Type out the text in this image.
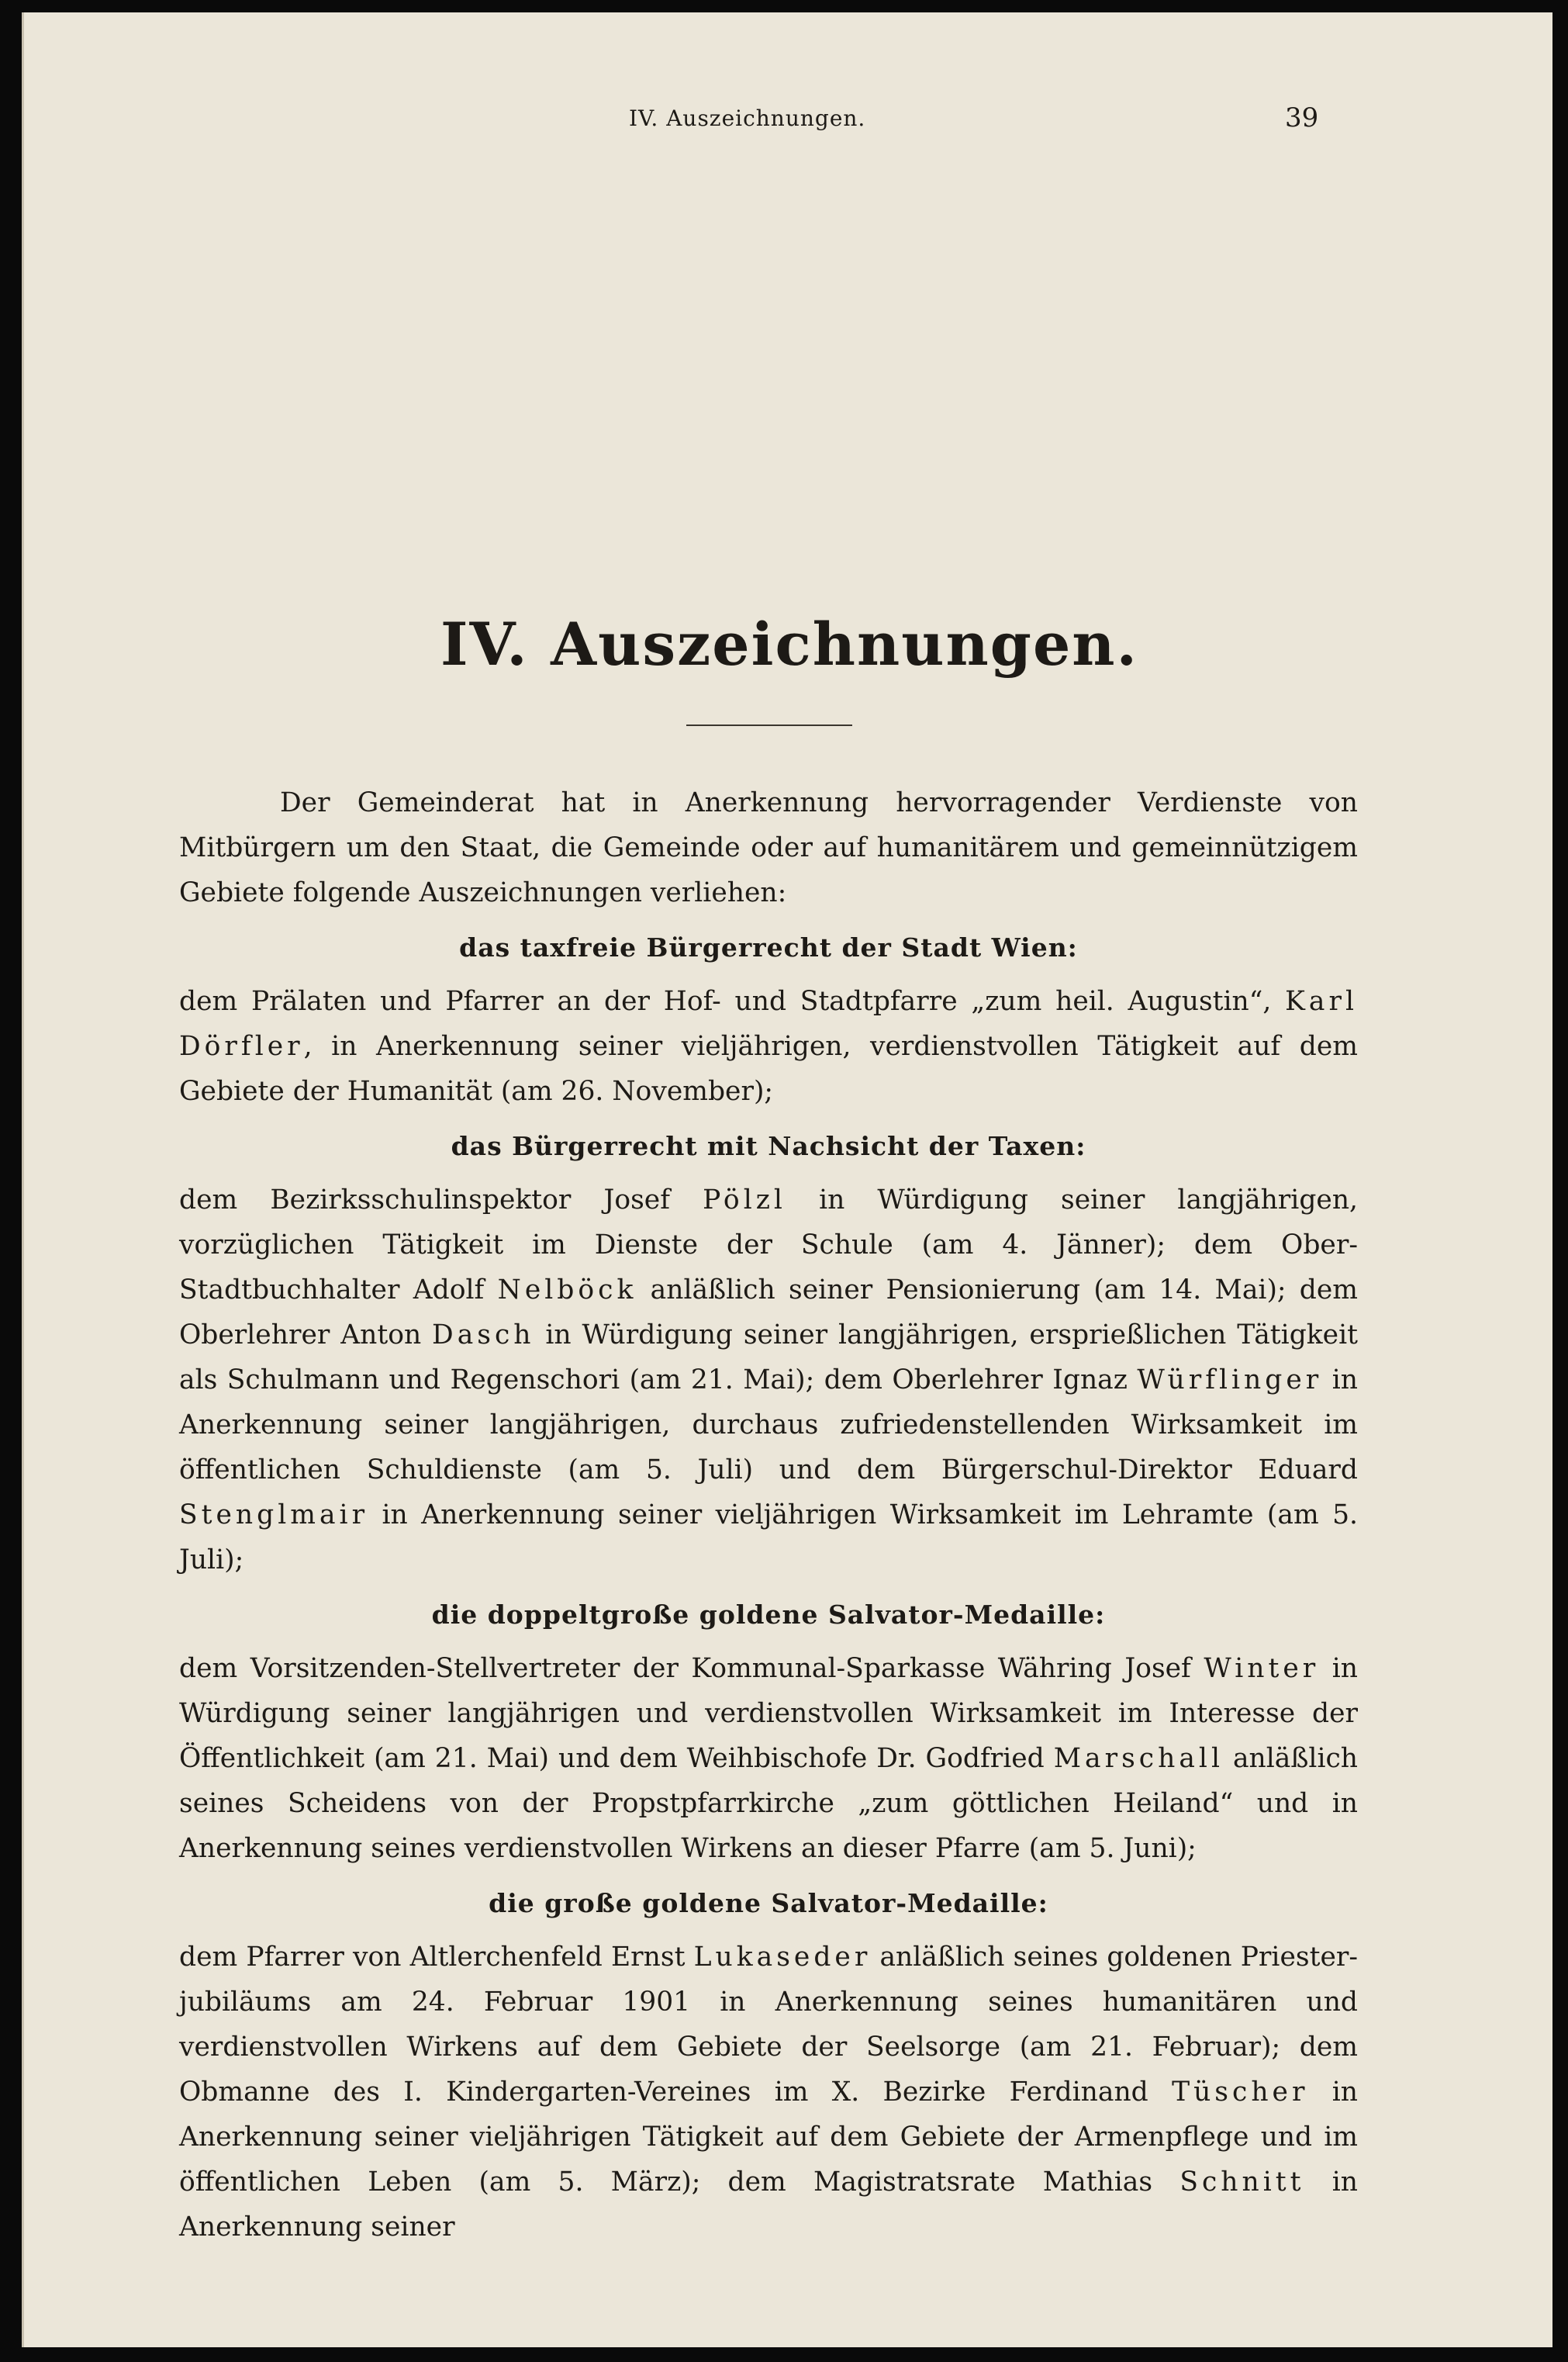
IV. Auszeichnungen.	39
IV. Auszeichnungen.

Der Gemeinderat hat in Anerkennung hervorragender Verdienste von Mitbürgern um den Staat, die Gemeinde oder auf humanitärem und gemeinnützigem Gebiete folgende Auszeichnungen verliehen:

das taxfreie Bürgerrecht der Stadt Wien:

dem Prälaten und Pfarrer an der Hof- und Stadtpfarre „zum heil. Augustin“, Karl Dörfler, in Anerkennung seiner vieljährigen, verdienstvollen Tätigkeit auf dem Gebiete der Humanität (am 26. November);

das Bürgerrecht mit Nachsicht der Taxen:

dem Bezirksschulinspektor Josef Pölzl in Würdigung seiner langjährigen, vorzüglichen Tätigkeit im Dienste der Schule (am 4. Jänner); dem Ober-Stadtbuchhalter Adolf Nelböck anläßlich seiner Pensionierung (am 14. Mai); dem Oberlehrer Anton Dasch in Würdigung seiner langjährigen, ersprießlichen Tätigkeit als Schulmann und Regenschori (am 21. Mai); dem Oberlehrer Ignaz Würflinger in Anerkennung seiner langjährigen, durchaus zufriedenstellenden Wirksamkeit im öffentlichen Schuldienste (am 5. Juli) und dem Bürgerschul-Direktor Eduard Stenglmair in Anerkennung seiner vieljährigen Wirksamkeit im Lehramte (am 5. Juli);

die doppeltgroße goldene Salvator-Medaille:

dem Vorsitzenden-Stellvertreter der Kommunal-Sparkasse Währing Josef Winter in Würdigung seiner langjährigen und verdienstvollen Wirksamkeit im Interesse der Öffentlichkeit (am 21. Mai) und dem Weihbischofe Dr. Godfried Marschall anläßlich seines Scheidens von der Propstpfarrkirche „zum göttlichen Heiland“ und in Anerkennung seines verdienstvollen Wirkens an dieser Pfarre (am 5. Juni);

die große goldene Salvator-Medaille:

dem Pfarrer von Altlerchenfeld Ernst Lukaseder anläßlich seines goldenen Priester-jubiläums am 24. Februar 1901 in Anerkennung seines humanitären und verdienstvollen Wirkens auf dem Gebiete der Seelsorge (am 21. Februar); dem Obmanne des I. Kindergarten-Vereines im X. Bezirke Ferdinand Tüscher in Anerkennung seiner vieljährigen Tätigkeit auf dem Gebiete der Armenpflege und im öffentlichen Leben (am 5. März); dem Magistratsrate Mathias Schnitt in Anerkennung seiner
